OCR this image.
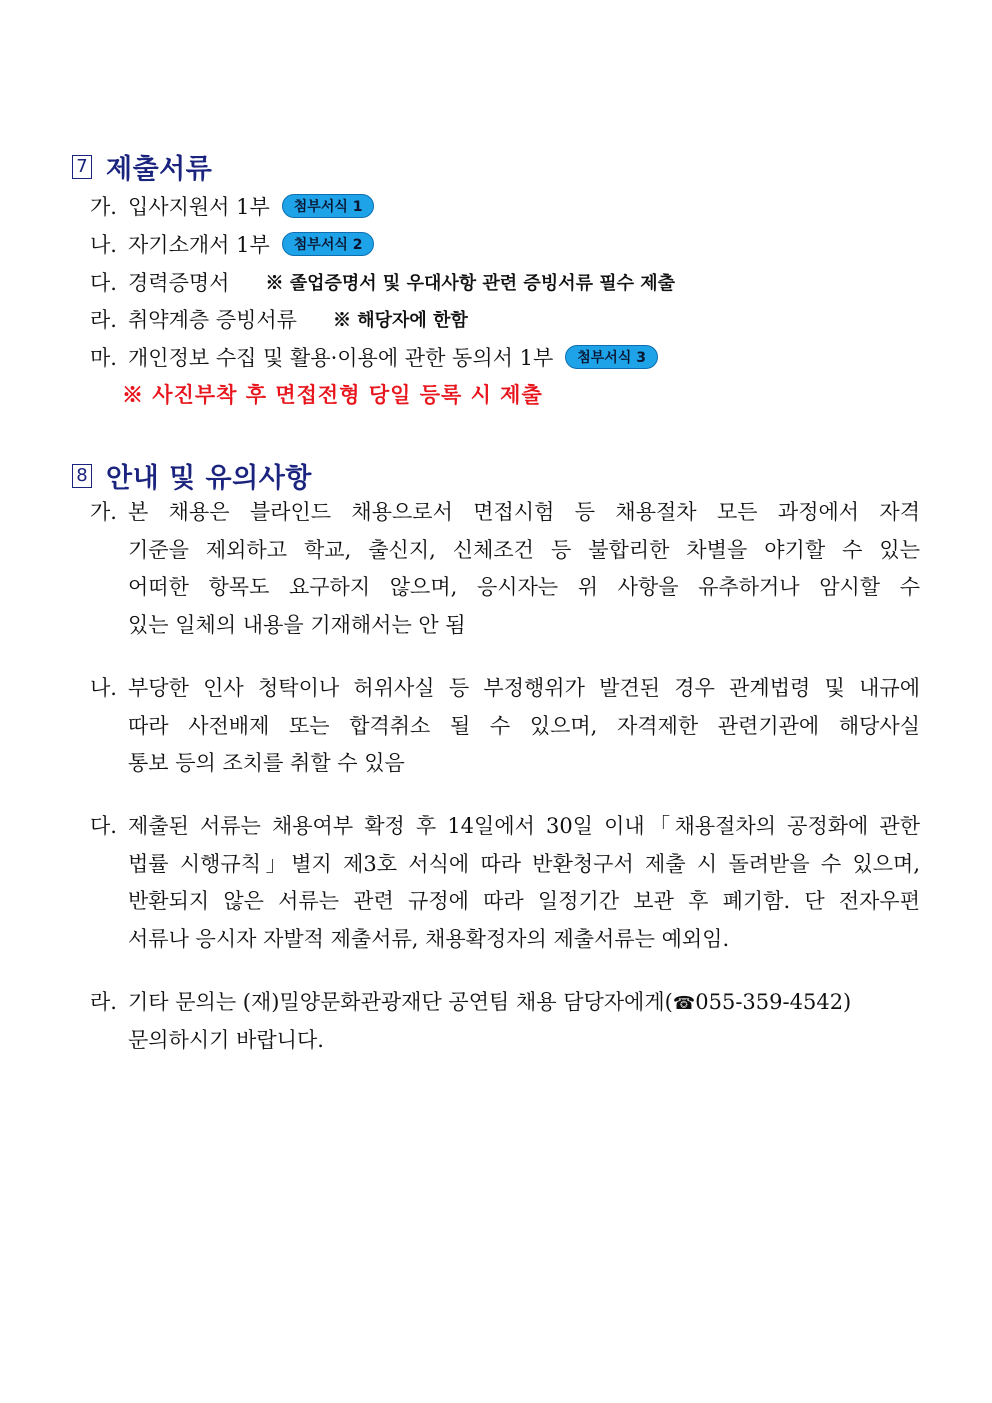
7 제출서류
가. 입사지원서 1부	첨부서식 1
나. 자기소개서 1부	첨부서식 2
다. 경력증명서 ※ 졸업증명서 및 우대사항 관련 증빙서류 필수 제출
라. 취약계층 증빙서류 ※ 해당자에 한함
마. 개인정보 수집 및 활용·이용에 관한 동의서 1부	첨부서식 3
※ 사진부착 후 면접전형 당일 등록 시 제출
8 안내 및 유의사항
가. 본 채용은 블라인드 채용으로서 면접시험 등 채용절차 모든 과정에서 자격
기준을 제외하고 학교, 출신지, 신체조건 등 불합리한 차별을 야기할 수 있는
어떠한 항목도 요구하지 않으며, 응시자는 위 사항을 유추하거나 암시할 수
있는 일체의 내용을 기재해서는 안 됨
나. 부당한 인사 청탁이나 허위사실 등 부정행위가 발견된 경우 관계법령 및 내규에
따라 사전배제 또는 합격취소 될 수 있으며, 자격제한 관련기관에 해당사실
통보 등의 조치를 취할 수 있음
다. 제출된 서류는 채용여부 확정 후 14일에서 30일 이내「채용절차의 공정화에 관한
법률 시행규칙」별지 제3호 서식에 따라 반환청구서 제출 시 돌려받을 수 있으며,
반환되지 않은 서류는 관련 규정에 따라 일정기간 보관 후 폐기함. 단 전자우편
서류나 응시자 자발적 제출서류, 채용확정자의 제출서류는 예외임.
라. 기타 문의는 (재)밀양문화관광재단 공연팀 채용 담당자에게(☎055-359-4542)
문의하시기 바랍니다.
